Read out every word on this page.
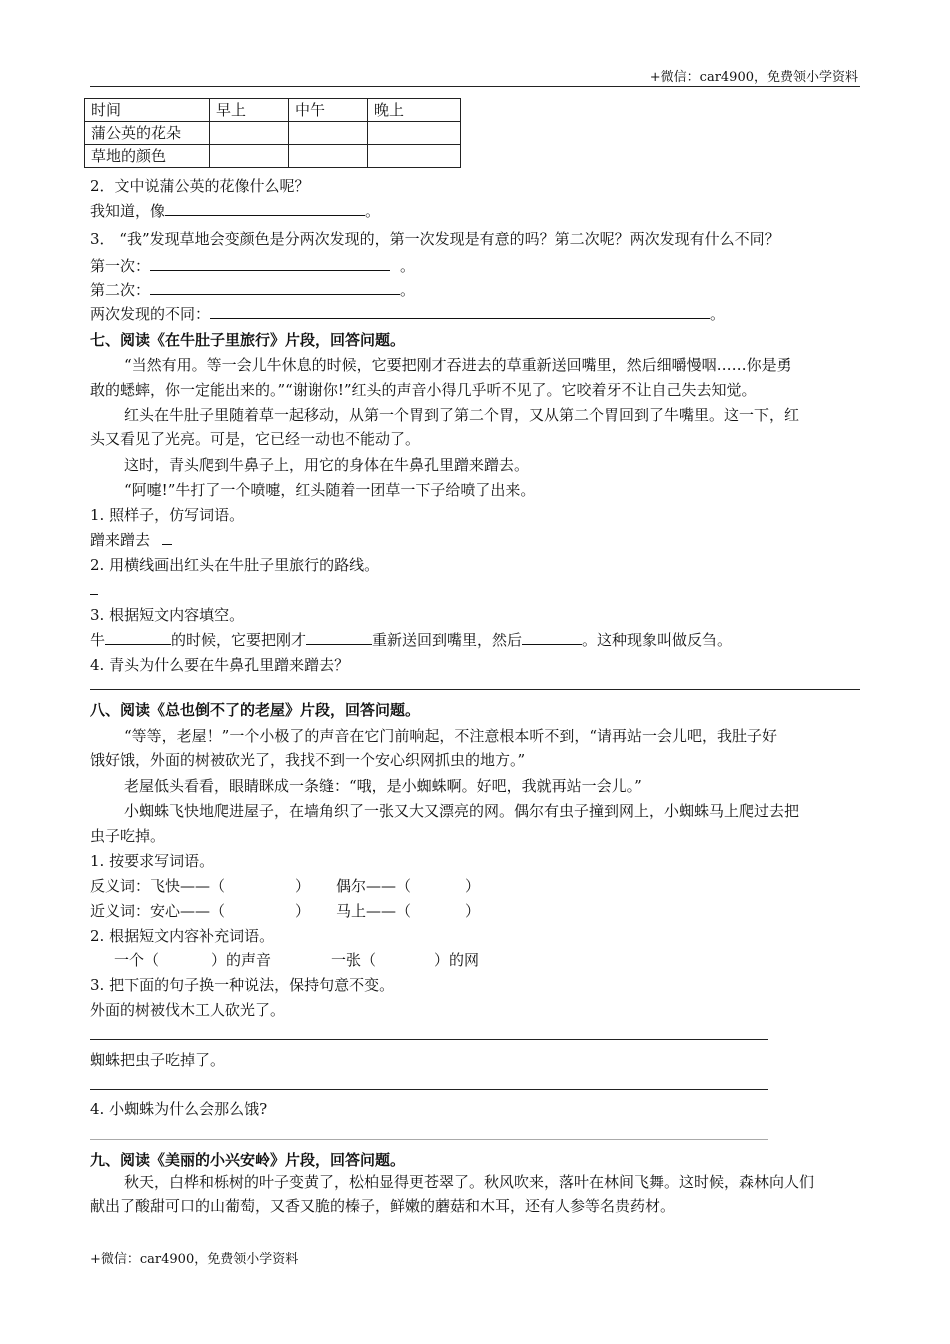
+微信：car4900，免费领小学资料
时间	早上	中午	晚上
蒲公英的花朵			
草地的颜色			
2．文中说蒲公英的花像什么呢？
我知道，像	。
3． “我”发现草地会变颜色是分两次发现的，第一次发现是有意的吗？第二次呢？两次发现有什么不同？
第一次：	。
第二次：	。
两次发现的不同：	。
七、阅读《在牛肚子里旅行》片段，回答问题。
“当然有用。等一会儿牛休息的时候，它要把刚才吞进去的草重新送回嘴里，然后细嚼慢咽……你是勇
敢的蟋蟀，你一定能出来的。”“谢谢你!”红头的声音小得几乎听不见了。它咬着牙不让自己失去知觉。
红头在牛肚子里随着草一起移动，从第一个胃到了第二个胃，又从第二个胃回到了牛嘴里。这一下，红
头又看见了光亮。可是，它已经一动也不能动了。
这时，青头爬到牛鼻子上，用它的身体在牛鼻孔里蹭来蹭去。
“阿嚏!”牛打了一个喷嚏，红头随着一团草一下子给喷了出来。
1. 照样子，仿写词语。
蹭来蹭去
2. 用横线画出红头在牛肚子里旅行的路线。
3. 根据短文内容填空。
牛	的时候，它要把刚才	重新送回到嘴里，然后	。这种现象叫做反刍。
4. 青头为什么要在牛鼻孔里蹭来蹭去？
八、阅读《总也倒不了的老屋》片段，回答问题。
“等等，老屋！”一个小极了的声音在它门前响起，不注意根本听不到，“请再站一会儿吧，我肚子好
饿好饿，外面的树被砍光了，我找不到一个安心织网抓虫的地方。”
老屋低头看看，眼睛眯成一条缝：“哦，是小蜘蛛啊。好吧，我就再站一会儿。”
小蜘蛛飞快地爬进屋子，在墙角织了一张又大又漂亮的网。偶尔有虫子撞到网上，小蜘蛛马上爬过去把
虫子吃掉。
1. 按要求写词语。
反义词：飞快——（	） 偶尔——（	）
近义词：安心——（	） 马上——（	）
2. 根据短文内容补充词语。
一个（	）的声音	一张（	）的网
3. 把下面的句子换一种说法，保持句意不变。
外面的树被伐木工人砍光了。
蜘蛛把虫子吃掉了。
4. 小蜘蛛为什么会那么饿?
九、阅读《美丽的小兴安岭》片段，回答问题。
秋天，白桦和栎树的叶子变黄了，松柏显得更苍翠了。秋风吹来，落叶在林间飞舞。这时候，森林向人们
献出了酸甜可口的山葡萄，又香又脆的榛子，鲜嫩的蘑菇和木耳，还有人参等名贵药材。
+微信：car4900，免费领小学资料
